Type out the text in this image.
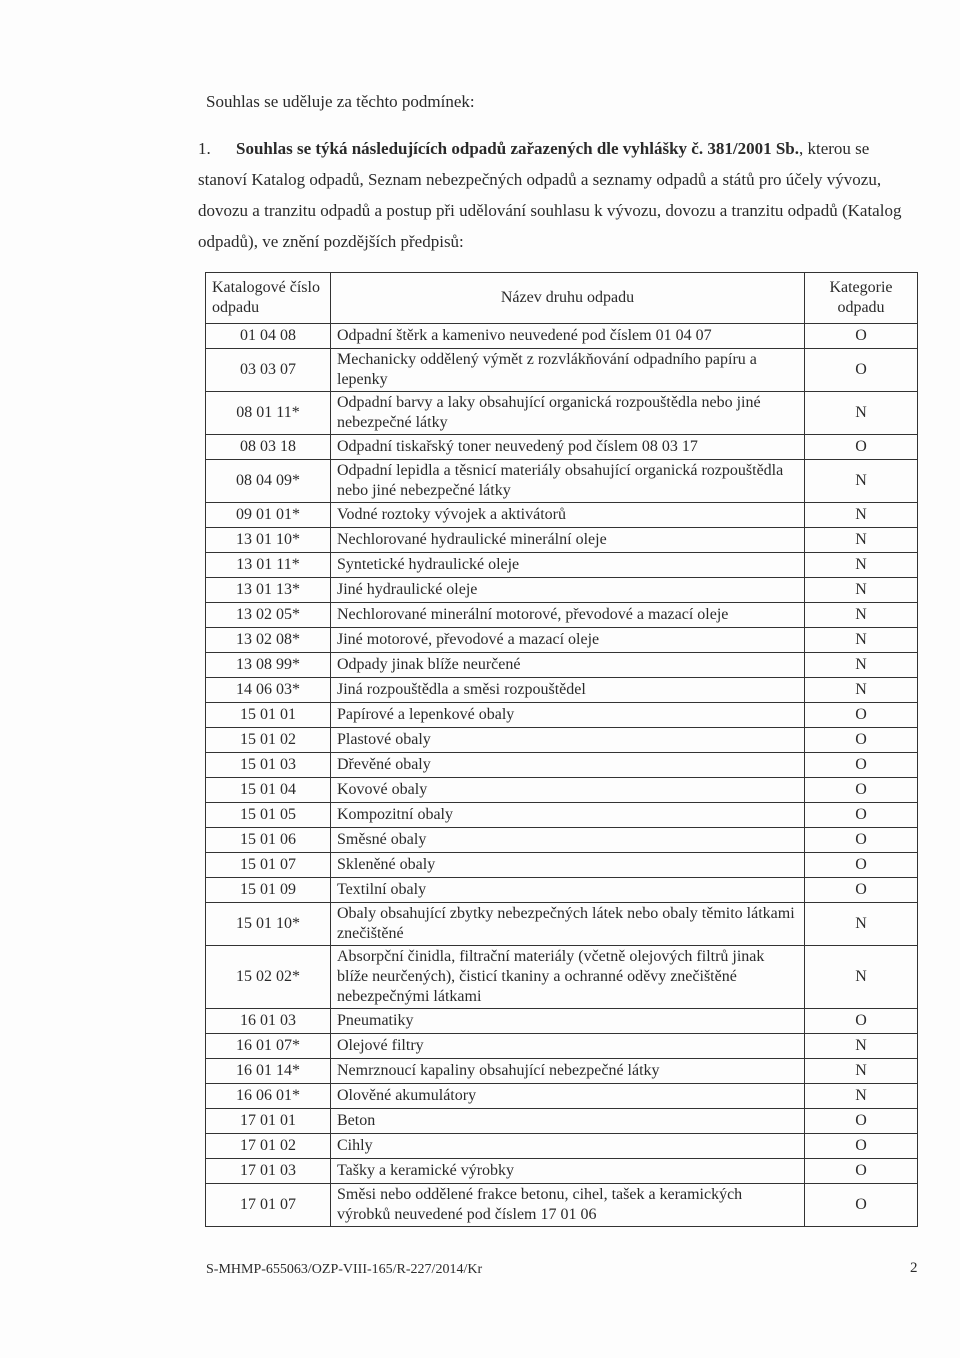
Souhlas se uděluje za těchto podmínek:

1. Souhlas se týká následujících odpadů zařazených dle vyhlášky č. 381/2001 Sb., kterou se stanoví Katalog odpadů, Seznam nebezpečných odpadů a seznamy odpadů a států pro účely vývozu, dovozu a tranzitu odpadů a postup při udělování souhlasu k vývozu, dovozu a tranzitu odpadů (Katalog odpadů), ve znění pozdějších předpisů:

Katalogové číslo odpadu	Název druhu odpadu	Kategorie odpadu
01 04 08	Odpadní štěrk a kamenivo neuvedené pod číslem 01 04 07	O
03 03 07	Mechanicky oddělený výmět z rozvlákňování odpadního papíru a lepenky	O
08 01 11*	Odpadní barvy a laky obsahující organická rozpouštědla nebo jiné nebezpečné látky	N
08 03 18	Odpadní tiskařský toner neuvedený pod číslem 08 03 17	O
08 04 09*	Odpadní lepidla a těsnicí materiály obsahující organická rozpouštědla nebo jiné nebezpečné látky	N
09 01 01*	Vodné roztoky vývojek a aktivátorů	N
13 01 10*	Nechlorované hydraulické minerální oleje	N
13 01 11*	Syntetické hydraulické oleje	N
13 01 13*	Jiné hydraulické oleje	N
13 02 05*	Nechlorované minerální motorové, převodové a mazací oleje	N
13 02 08*	Jiné motorové, převodové a mazací oleje	N
13 08 99*	Odpady jinak blíže neurčené	N
14 06 03*	Jiná rozpouštědla a směsi rozpouštědel	N
15 01 01	Papírové a lepenkové obaly	O
15 01 02	Plastové obaly	O
15 01 03	Dřevěné obaly	O
15 01 04	Kovové obaly	O
15 01 05	Kompozitní obaly	O
15 01 06	Směsné obaly	O
15 01 07	Skleněné obaly	O
15 01 09	Textilní obaly	O
15 01 10*	Obaly obsahující zbytky nebezpečných látek nebo obaly těmito látkami znečištěné	N
15 02 02*	Absorpční činidla, filtrační materiály (včetně olejových filtrů jinak blíže neurčených), čisticí tkaniny a ochranné oděvy znečištěné nebezpečnými látkami	N
16 01 03	Pneumatiky	O
16 01 07*	Olejové filtry	N
16 01 14*	Nemrznoucí kapaliny obsahující nebezpečné látky	N
16 06 01*	Olověné akumulátory	N
17 01 01	Beton	O
17 01 02	Cihly	O
17 01 03	Tašky a keramické výrobky	O
17 01 07	Směsi nebo oddělené frakce betonu, cihel, tašek a keramických výrobků neuvedené pod číslem 17 01 06	O

S-MHMP-655063/OZP-VIII-165/R-227/2014/Kr	2
